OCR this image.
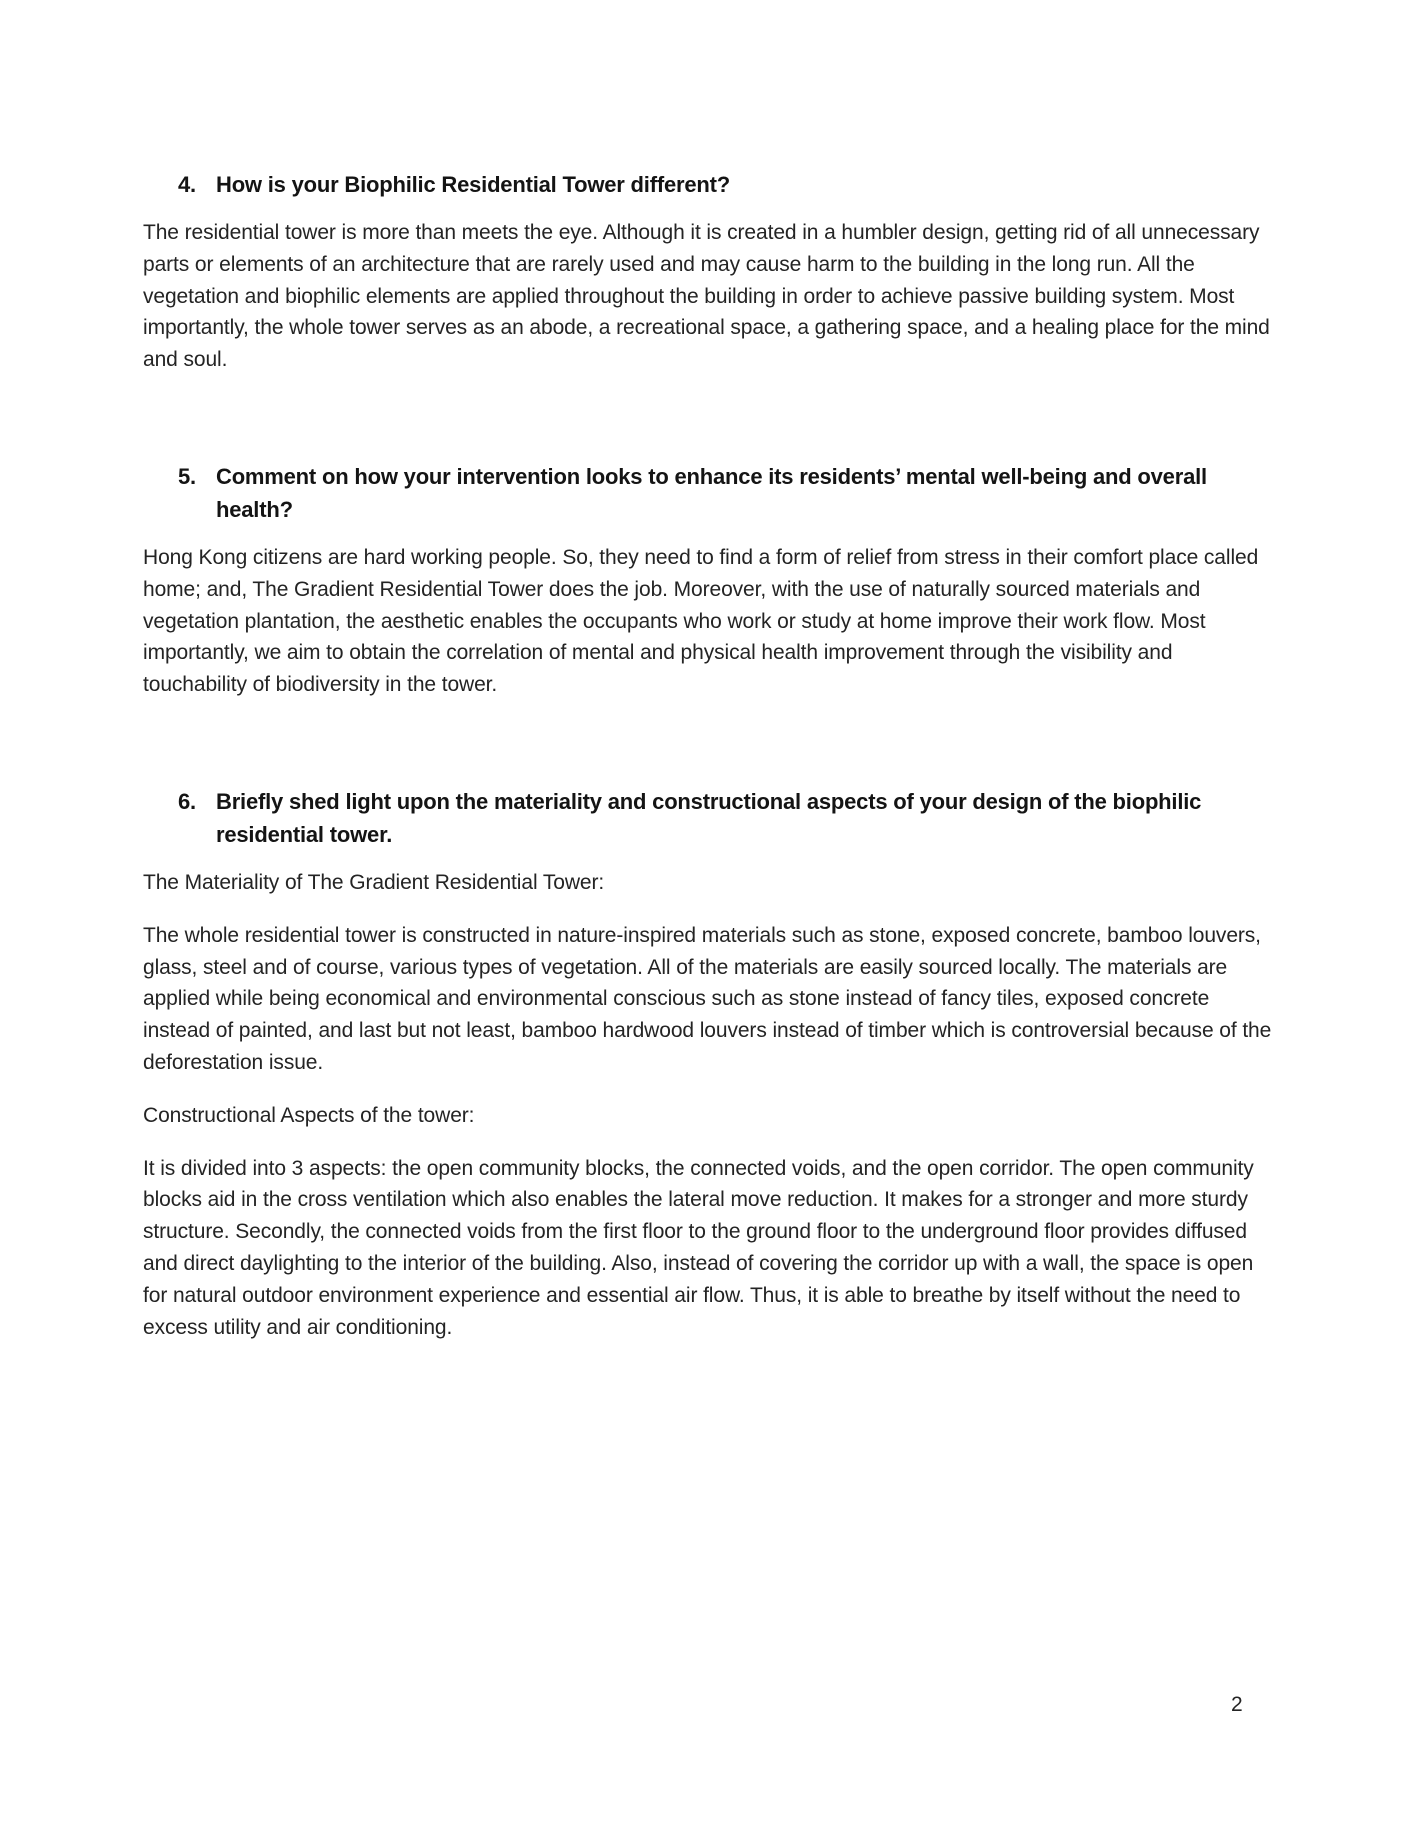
4. How is your Biophilic Residential Tower different?

The residential tower is more than meets the eye. Although it is created in a humbler design, getting rid of all unnecessary parts or elements of an architecture that are rarely used and may cause harm to the building in the long run. All the vegetation and biophilic elements are applied throughout the building in order to achieve passive building system. Most importantly, the whole tower serves as an abode, a recreational space, a gathering space, and a healing place for the mind and soul.

5. Comment on how your intervention looks to enhance its residents’ mental well-being and overall health?

Hong Kong citizens are hard working people. So, they need to find a form of relief from stress in their comfort place called home; and, The Gradient Residential Tower does the job. Moreover, with the use of naturally sourced materials and vegetation plantation, the aesthetic enables the occupants who work or study at home improve their work flow. Most importantly, we aim to obtain the correlation of mental and physical health improvement through the visibility and touchability of biodiversity in the tower.

6. Briefly shed light upon the materiality and constructional aspects of your design of the biophilic residential tower.

The Materiality of The Gradient Residential Tower:

The whole residential tower is constructed in nature-inspired materials such as stone, exposed concrete, bamboo louvers, glass, steel and of course, various types of vegetation. All of the materials are easily sourced locally. The materials are applied while being economical and environmental conscious such as stone instead of fancy tiles, exposed concrete instead of painted, and last but not least, bamboo hardwood louvers instead of timber which is controversial because of the deforestation issue.

Constructional Aspects of the tower:

It is divided into 3 aspects: the open community blocks, the connected voids, and the open corridor. The open community blocks aid in the cross ventilation which also enables the lateral move reduction. It makes for a stronger and more sturdy structure. Secondly, the connected voids from the first floor to the ground floor to the underground floor provides diffused and direct daylighting to the interior of the building. Also, instead of covering the corridor up with a wall, the space is open for natural outdoor environment experience and essential air flow. Thus, it is able to breathe by itself without the need to excess utility and air conditioning.

2
